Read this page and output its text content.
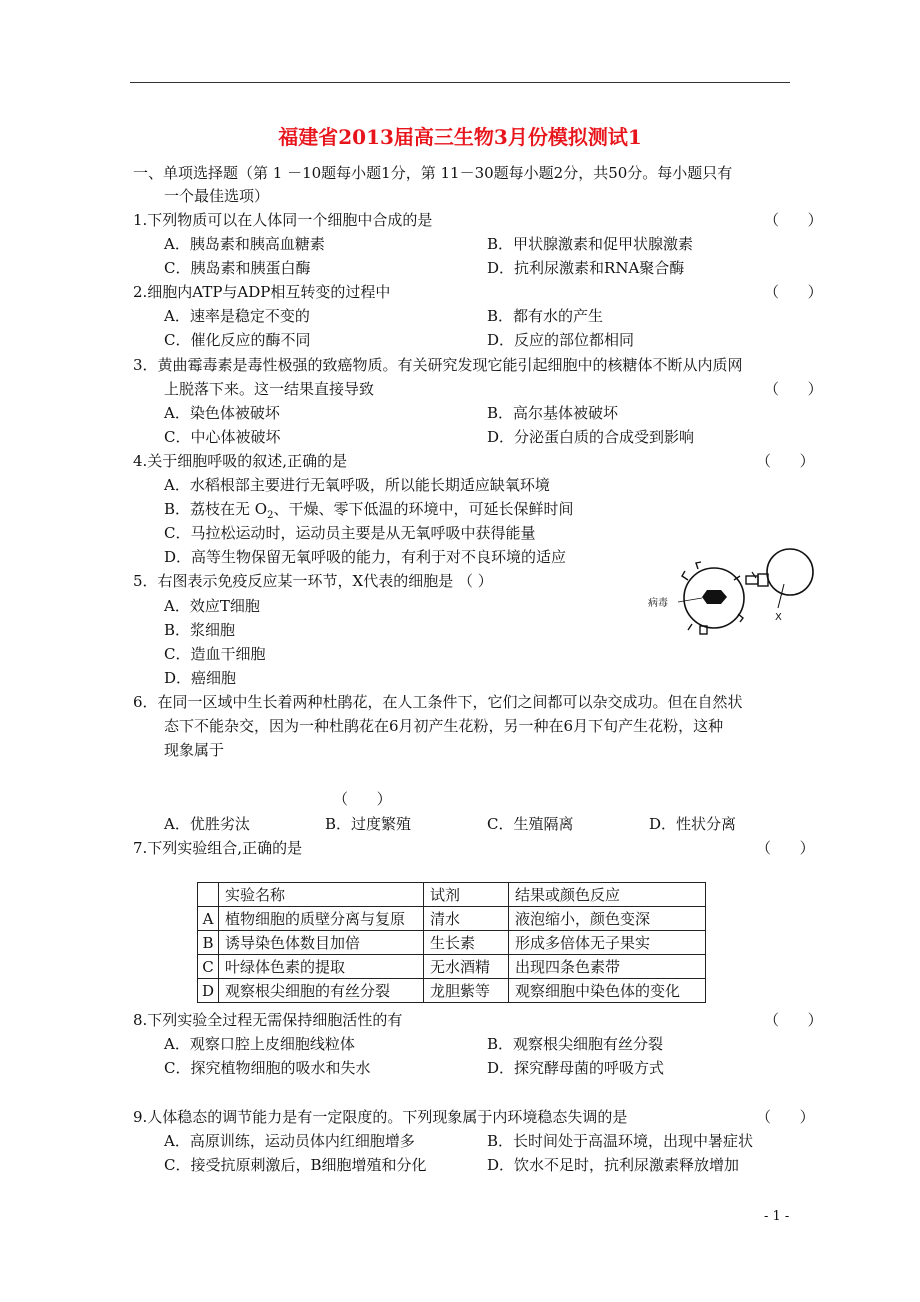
福建省2013届高三生物3月份模拟测试1
一、单项选择题（第 1 －10题每小题1分，第 11－30题每小题2分，共50分。每小题只有
一个最佳选项）
1.下列物质可以在人体同一个细胞中合成的是	（      ）
A．胰岛素和胰高血糖素	B．甲状腺激素和促甲状腺激素
C．胰岛素和胰蛋白酶	D．抗利尿激素和RNA聚合酶
2.细胞内ATP与ADP相互转变的过程中	（      ）
A．速率是稳定不变的	B．都有水的产生
C．催化反应的酶不同	D．反应的部位都相同
3．黄曲霉毒素是毒性极强的致癌物质。有关研究发现它能引起细胞中的核糖体不断从内质网
上脱落下来。这一结果直接导致	（      ）
A．染色体被破坏	B．高尔基体被破坏
C．中心体被破坏	D．分泌蛋白质的合成受到影响
4.关于细胞呼吸的叙述,正确的是	（      ）
A．水稻根部主要进行无氧呼吸，所以能长期适应缺氧环境
B．荔枝在无 $O_2$、干燥、零下低温的环境中，可延长保鲜时间
C．马拉松运动时，运动员主要是从无氧呼吸中获得能量
D．高等生物保留无氧呼吸的能力，有利于对不良环境的适应
5．右图表示免疫反应某一环节，X代表的细胞是 （ ）
A．效应T细胞
B．浆细胞
C．造血干细胞
D．癌细胞
病毒
X
6．在同一区域中生长着两种杜鹃花，在人工条件下，它们之间都可以杂交成功。但在自然状
态下不能杂交，因为一种杜鹃花在6月初产生花粉，另一种在6月下旬产生花粉，这种
现象属于
（      ）
A．优胜劣汰	B．过度繁殖	C．生殖隔离	D．性状分离
7.下列实验组合,正确的是	（      ）
	实验名称	试剂	结果或颜色反应
A	植物细胞的质壁分离与复原	清水	液泡缩小，颜色变深
B	诱导染色体数目加倍	生长素	形成多倍体无子果实
C	叶绿体色素的提取	无水酒精	出现四条色素带
D	观察根尖细胞的有丝分裂	龙胆紫等	观察细胞中染色体的变化
8.下列实验全过程无需保持细胞活性的有	（      ）
A．观察口腔上皮细胞线粒体	B．观察根尖细胞有丝分裂
C．探究植物细胞的吸水和失水	D．探究酵母菌的呼吸方式
9.人体稳态的调节能力是有一定限度的。下列现象属于内环境稳态失调的是	（      ）
A．高原训练，运动员体内红细胞增多	B．长时间处于高温环境，出现中暑症状
C．接受抗原刺激后，B细胞增殖和分化	D．饮水不足时，抗利尿激素释放增加
- 1 -
